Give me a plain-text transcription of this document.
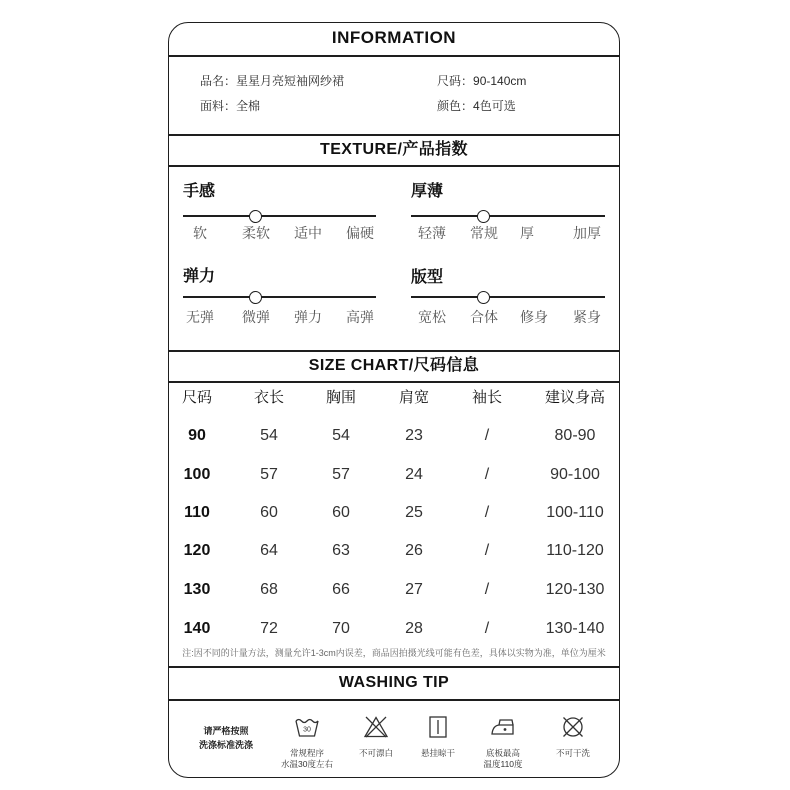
INFORMATION
品名：星星月亮短袖网纱裙	尺码：90-140cm
面料：全棉	颜色：4色可选
TEXTURE/产品指数
手感
软	柔软	适中	偏硬
厚薄
轻薄	常规	厚	加厚
弹力
无弹	微弹	弹力	高弹
版型
宽松	合体	修身	紧身
SIZE CHART/尺码信息
尺码	衣长	胸围	肩宽	袖长	建议身高
90	54	54	23	/	80-90
100	57	57	24	/	90-100
110	60	60	25	/	100-110
120	64	63	26	/	110-120
130	68	66	27	/	120-130
140	72	70	28	/	130-140
注:因不同的计量方法，测量允许1-3cm内误差，商品因拍摄光线可能有色差，具体以实物为准，单位为厘米
WASHING TIP
请严格按照
洗涤标准洗涤
30
常规程序
水温30度左右
不可漂白	悬挂晾干	底板最高
温度110度
不可干洗
